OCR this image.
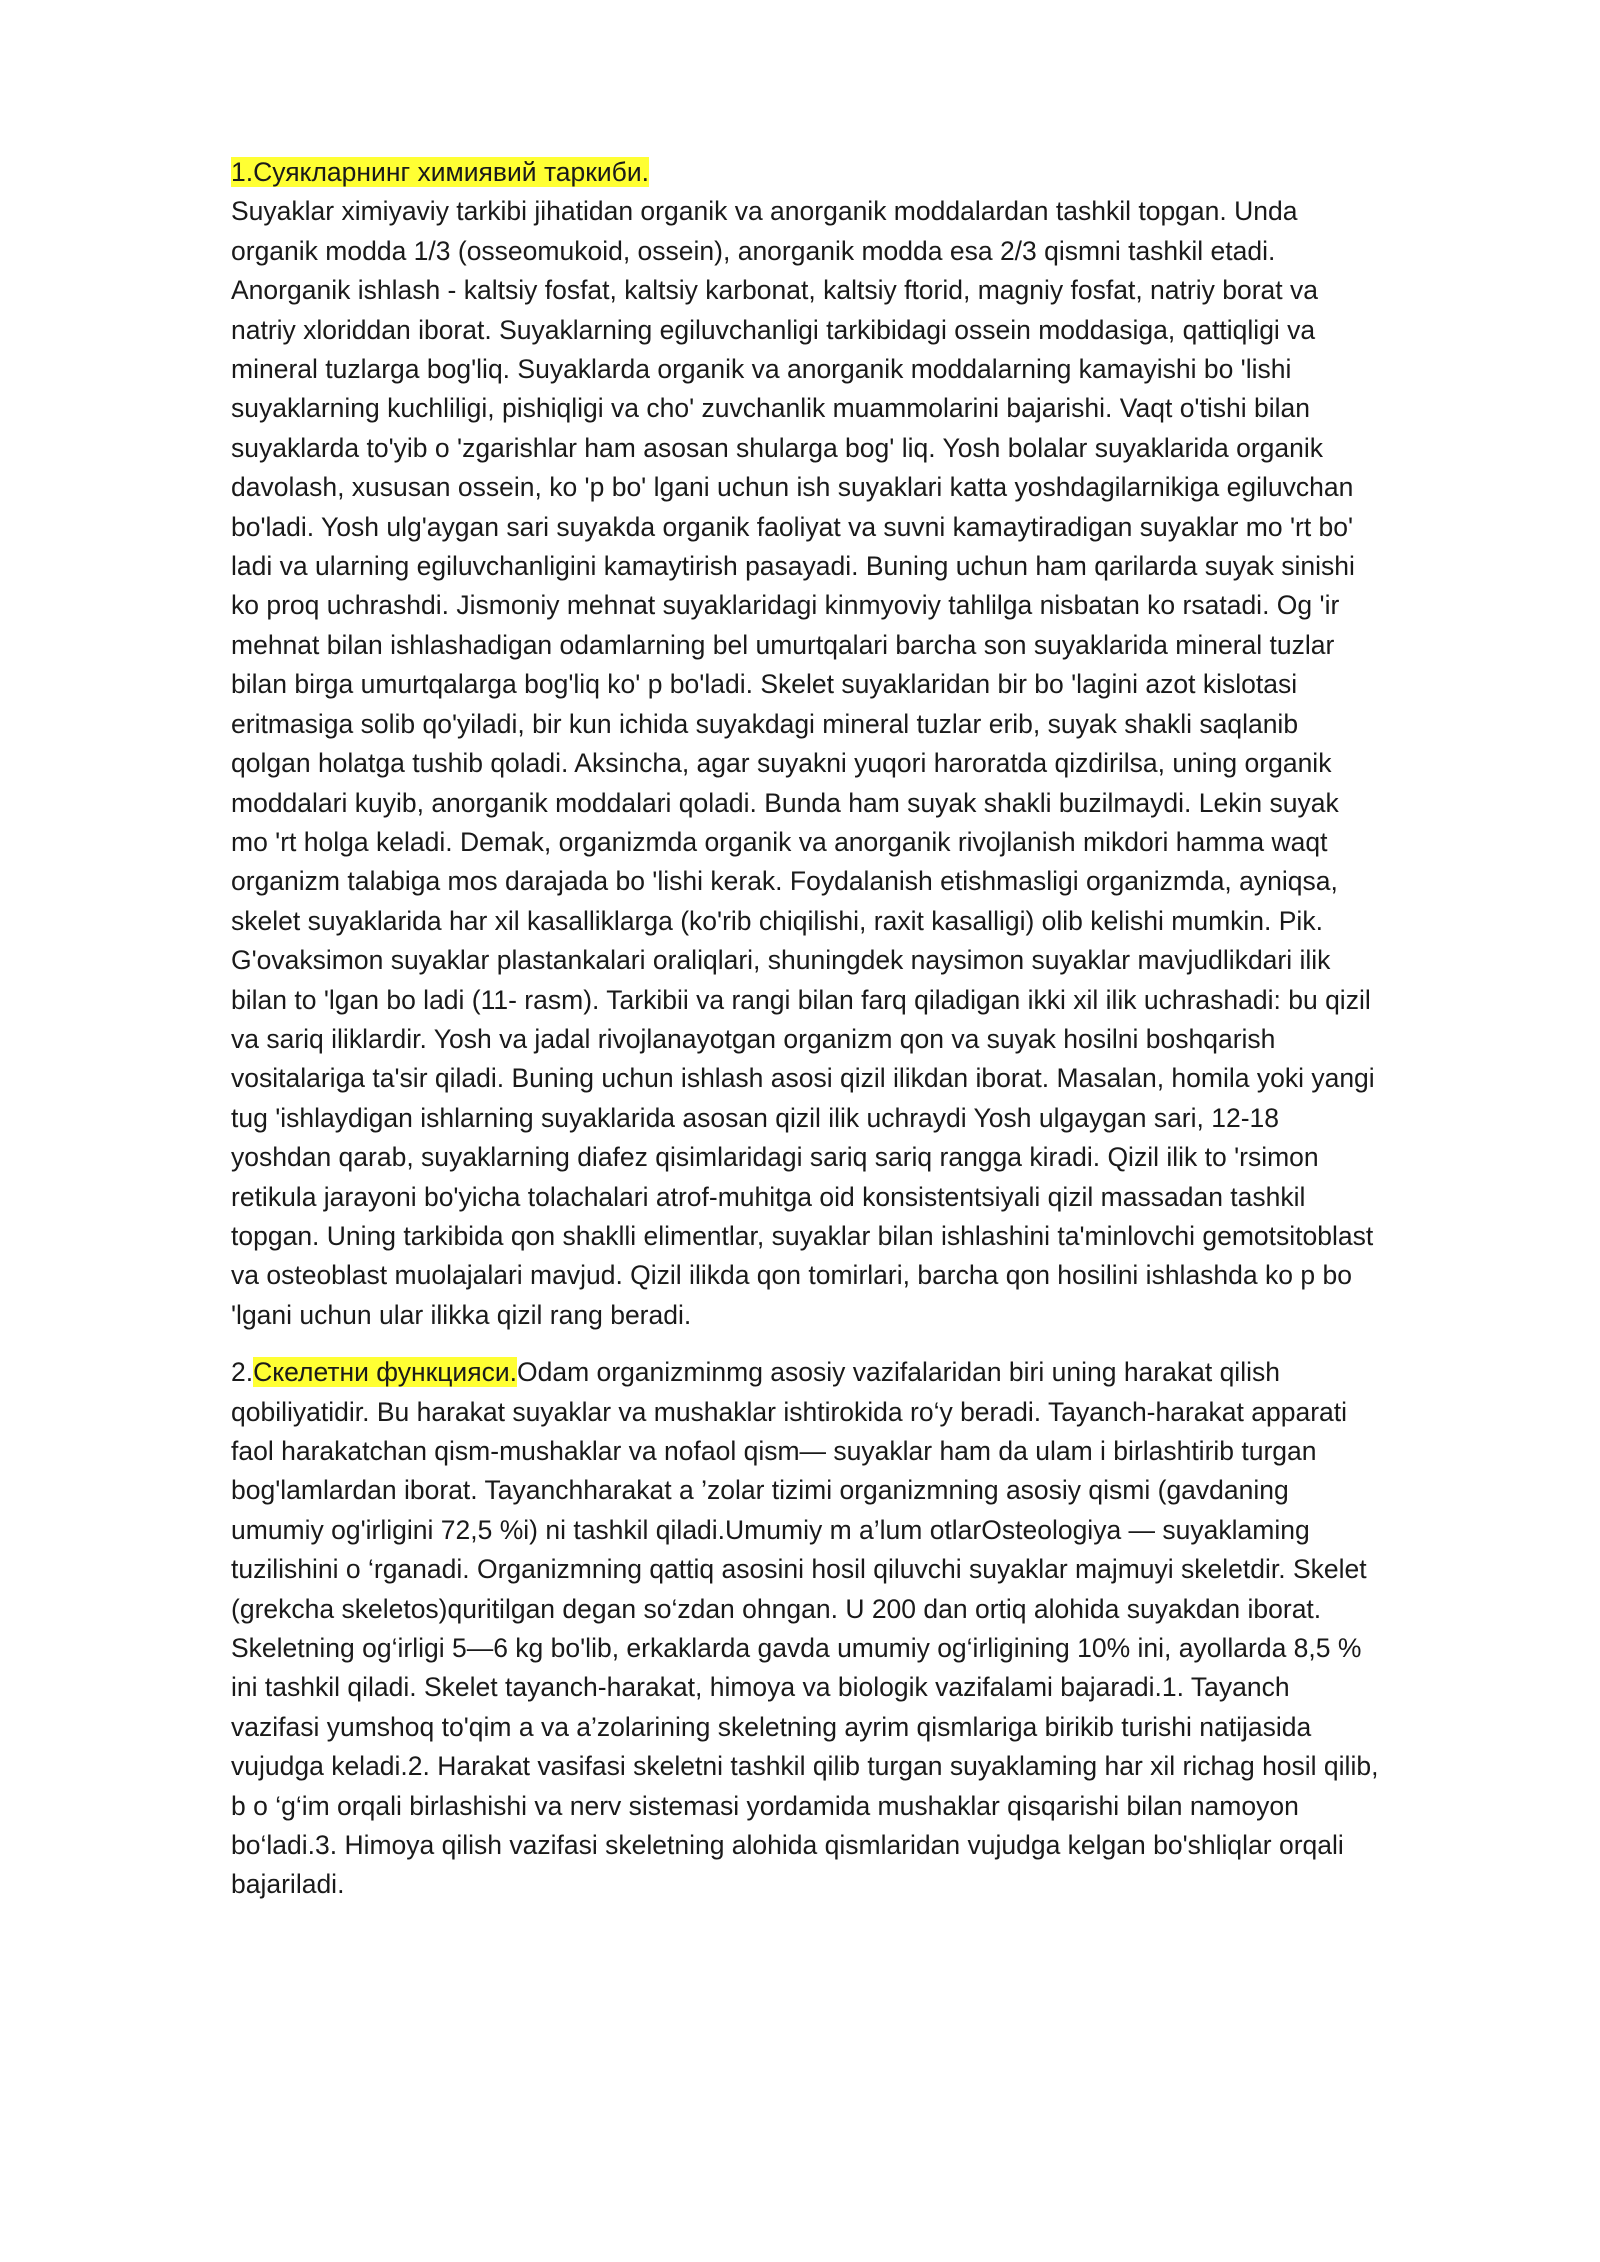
1.Суякларнинг химиявий таркиби.
Suyaklar ximiyaviy tarkibi jihatidan organik va anorganik moddalardan tashkil topgan. Unda organik modda 1/3 (osseomukoid, ossein), anorganik modda esa 2/3 qismni tashkil etadi. Anorganik ishlash - kaltsiy fosfat, kaltsiy karbonat, kaltsiy ftorid, magniy fosfat, natriy borat va natriy xloriddan iborat. Suyaklarning egiluvchanligi tarkibidagi ossein moddasiga, qattiqligi va mineral tuzlarga bog'liq. Suyaklarda organik va anorganik moddalarning kamayishi bo 'lishi suyaklarning kuchliligi, pishiqligi va cho' zuvchanlik muammolarini bajarishi. Vaqt o'tishi bilan suyaklarda to'yib o 'zgarishlar ham asosan shularga bog' liq. Yosh bolalar suyaklarida organik davolash, xususan ossein, ko 'p bo' lgani uchun ish suyaklari katta yoshdagilarnikiga egiluvchan bo'ladi. Yosh ulg'aygan sari suyakda organik faoliyat va suvni kamaytiradigan suyaklar mo 'rt bo' ladi va ularning egiluvchanligini kamaytirish pasayadi. Buning uchun ham qarilarda suyak sinishi ko proq uchrashdi. Jismoniy mehnat suyaklaridagi kinmyoviy tahlilga nisbatan ko rsatadi. Og 'ir mehnat bilan ishlashadigan odamlarning bel umurtqalari barcha son suyaklarida mineral tuzlar bilan birga umurtqalarga bog'liq ko' p bo'ladi. Skelet suyaklaridan bir bo 'lagini azot kislotasi eritmasiga solib qo'yiladi, bir kun ichida suyakdagi mineral tuzlar erib, suyak shakli saqlanib qolgan holatga tushib qoladi. Aksincha, agar suyakni yuqori haroratda qizdirilsa, uning organik moddalari kuyib, anorganik moddalari qoladi. Bunda ham suyak shakli buzilmaydi. Lekin suyak mo 'rt holga keladi. Demak, organizmda organik va anorganik rivojlanish mikdori hamma waqt organizm talabiga mos darajada bo 'lishi kerak. Foydalanish etishmasligi organizmda, ayniqsa, skelet suyaklarida har xil kasalliklarga (ko'rib chiqilishi, raxit kasalligi) olib kelishi mumkin. Pik. G'ovaksimon suyaklar plastankalari oraliqlari, shuningdek naysimon suyaklar mavjudlikdari ilik bilan to 'lgan bo ladi (11- rasm). Tarkibii va rangi bilan farq qiladigan ikki xil ilik uchrashadi: bu qizil va sariq iliklardir. Yosh va jadal rivojlanayotgan organizm qon va suyak hosilni boshqarish vositalariga ta'sir qiladi. Buning uchun ishlash asosi qizil ilikdan iborat. Masalan, homila yoki yangi tug 'ishlaydigan ishlarning suyaklarida asosan qizil ilik uchraydi Yosh ulgaygan sari, 12-18 yoshdan qarab, suyaklarning diafez qisimlaridagi sariq sariq rangga kiradi. Qizil ilik to 'rsimon retikula jarayoni bo'yicha tolachalari atrof-muhitga oid konsistentsiyali qizil massadan tashkil topgan. Uning tarkibida qon shaklli elimentlar, suyaklar bilan ishlashini ta'minlovchi gemotsitoblast va osteoblast muolajalari mavjud. Qizil ilikda qon tomirlari, barcha qon hosilini ishlashda ko p bo 'lgani uchun ular ilikka qizil rang beradi.

2.Скелетни функцияси.Odam organizminmg asosiy vazifalaridan biri uning harakat qilish qobiliyatidir. Bu harakat suyaklar va mushaklar ishtirokida ro‘y beradi. Tayanch-harakat apparati faol harakatchan qism-mushaklar va nofaol qism— suyaklar ham da ulam i birlashtirib turgan bog'lamlardan iborat. Tayanchharakat a ’zolar tizimi organizmning asosiy qismi (gavdaning umumiy og'irligini 72,5 %i) ni tashkil qiladi.Umumiy m a’lum otlarOsteologiya — suyaklaming tuzilishini o ‘rganadi. Organizmning qattiq asosini hosil qiluvchi suyaklar majmuyi skeletdir. Skelet (grekcha skeletos)quritilgan degan so‘zdan ohngan. U 200 dan ortiq alohida suyakdan iborat. Skeletning og‘irligi 5—6 kg bo'lib, erkaklarda gavda umumiy og‘irligining 10% ini, ayollarda 8,5 % ini tashkil qiladi. Skelet tayanch-harakat, himoya va biologik vazifalami bajaradi.1. Tayanch vazifasi yumshoq to'qim a va a’zolarining skeletning ayrim qismlariga birikib turishi natijasida vujudga keladi.2. Harakat vasifasi skeletni tashkil qilib turgan suyaklaming har xil richag hosil qilib, b o ‘g‘im orqali birlashishi va nerv sistemasi yordamida mushaklar qisqarishi bilan namoyon bo‘ladi.3. Himoya qilish vazifasi skeletning alohida qismlaridan vujudga kelgan bo'shliqlar orqali bajariladi.
